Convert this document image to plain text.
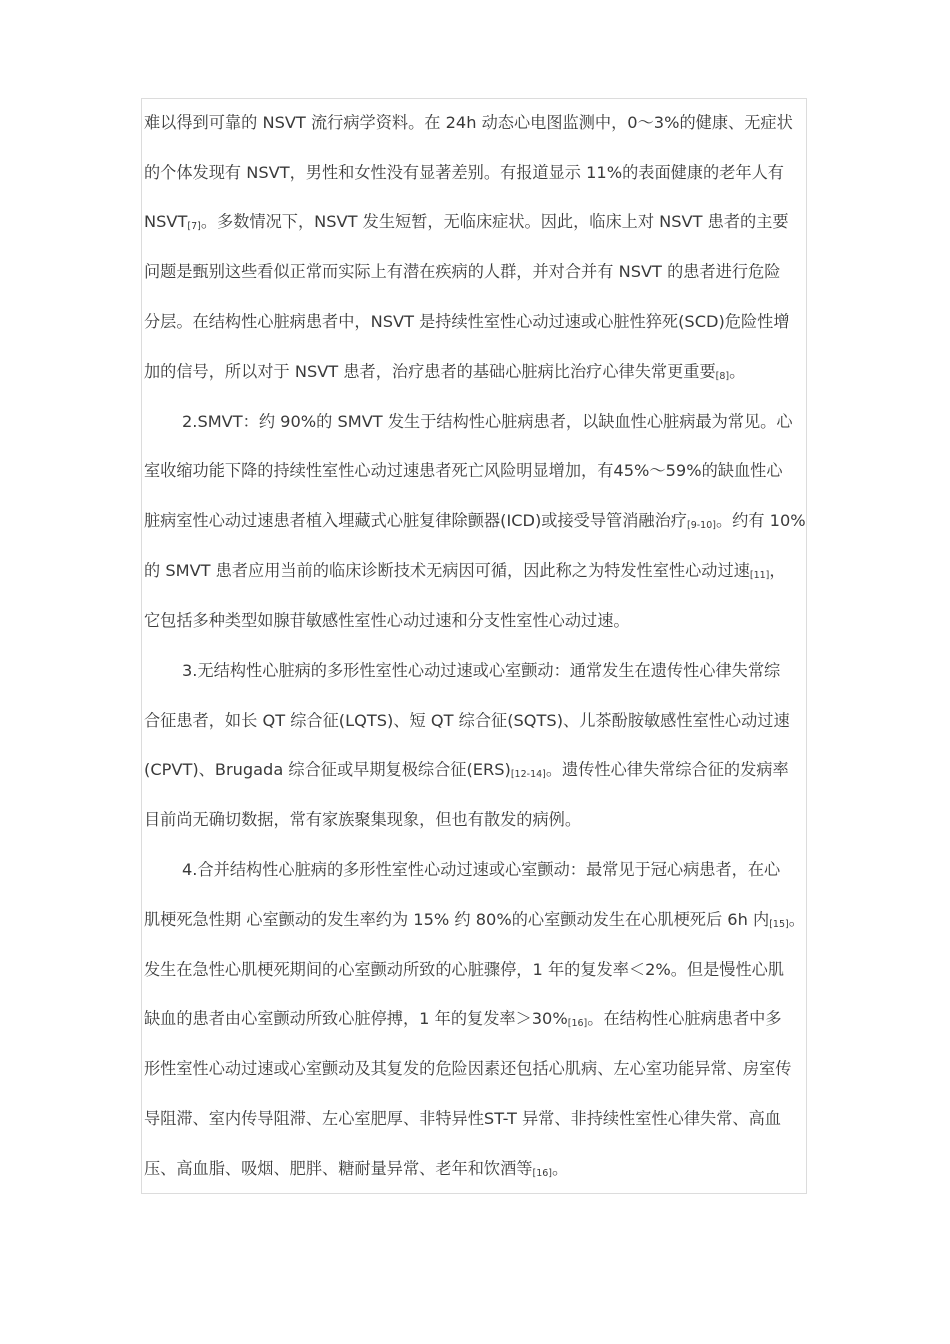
难以得到可靠的 NSVT 流行病学资料。在 24h 动态心电图监测中，0～3%的健康、无症状
的个体发现有 NSVT，男性和女性没有显著差别。有报道显示 11%的表面健康的老年人有
NSVT[7]。多数情况下，NSVT 发生短暂，无临床症状。因此，临床上对 NSVT 患者的主要
问题是甄别这些看似正常而实际上有潜在疾病的人群，并对合并有 NSVT 的患者进行危险
分层。在结构性心脏病患者中，NSVT 是持续性室性心动过速或心脏性猝死(SCD)危险性增
加的信号，所以对于 NSVT 患者，治疗患者的基础心脏病比治疗心律失常更重要[8]。
2.SMVT：约 90%的 SMVT 发生于结构性心脏病患者，以缺血性心脏病最为常见。心
室收缩功能下降的持续性室性心动过速患者死亡风险明显增加，有45%～59%的缺血性心
脏病室性心动过速患者植入埋藏式心脏复律除颤器(ICD)或接受导管消融治疗[9-10]。约有 10%
的 SMVT 患者应用当前的临床诊断技术无病因可循，因此称之为特发性室性心动过速[11]，
它包括多种类型如腺苷敏感性室性心动过速和分支性室性心动过速。
3.无结构性心脏病的多形性室性心动过速或心室颤动：通常发生在遗传性心律失常综
合征患者，如长 QT 综合征(LQTS)、短 QT 综合征(SQTS)、儿茶酚胺敏感性室性心动过速
(CPVT)、Brugada 综合征或早期复极综合征(ERS)[12-14]。遗传性心律失常综合征的发病率
目前尚无确切数据，常有家族聚集现象，但也有散发的病例。
4.合并结构性心脏病的多形性室性心动过速或心室颤动：最常见于冠心病患者，在心
肌梗死急性期 心室颤动的发生率约为 15% 约 80%的心室颤动发生在心肌梗死后 6h 内[15]。
发生在急性心肌梗死期间的心室颤动所致的心脏骤停，1 年的复发率＜2%。但是慢性心肌
缺血的患者由心室颤动所致心脏停搏，1 年的复发率＞30%[16]。在结构性心脏病患者中多
形性室性心动过速或心室颤动及其复发的危险因素还包括心肌病、左心室功能异常、房室传
导阻滞、室内传导阻滞、左心室肥厚、非特异性ST-T 异常、非持续性室性心律失常、高血
压、高血脂、吸烟、肥胖、糖耐量异常、老年和饮酒等[16]。
